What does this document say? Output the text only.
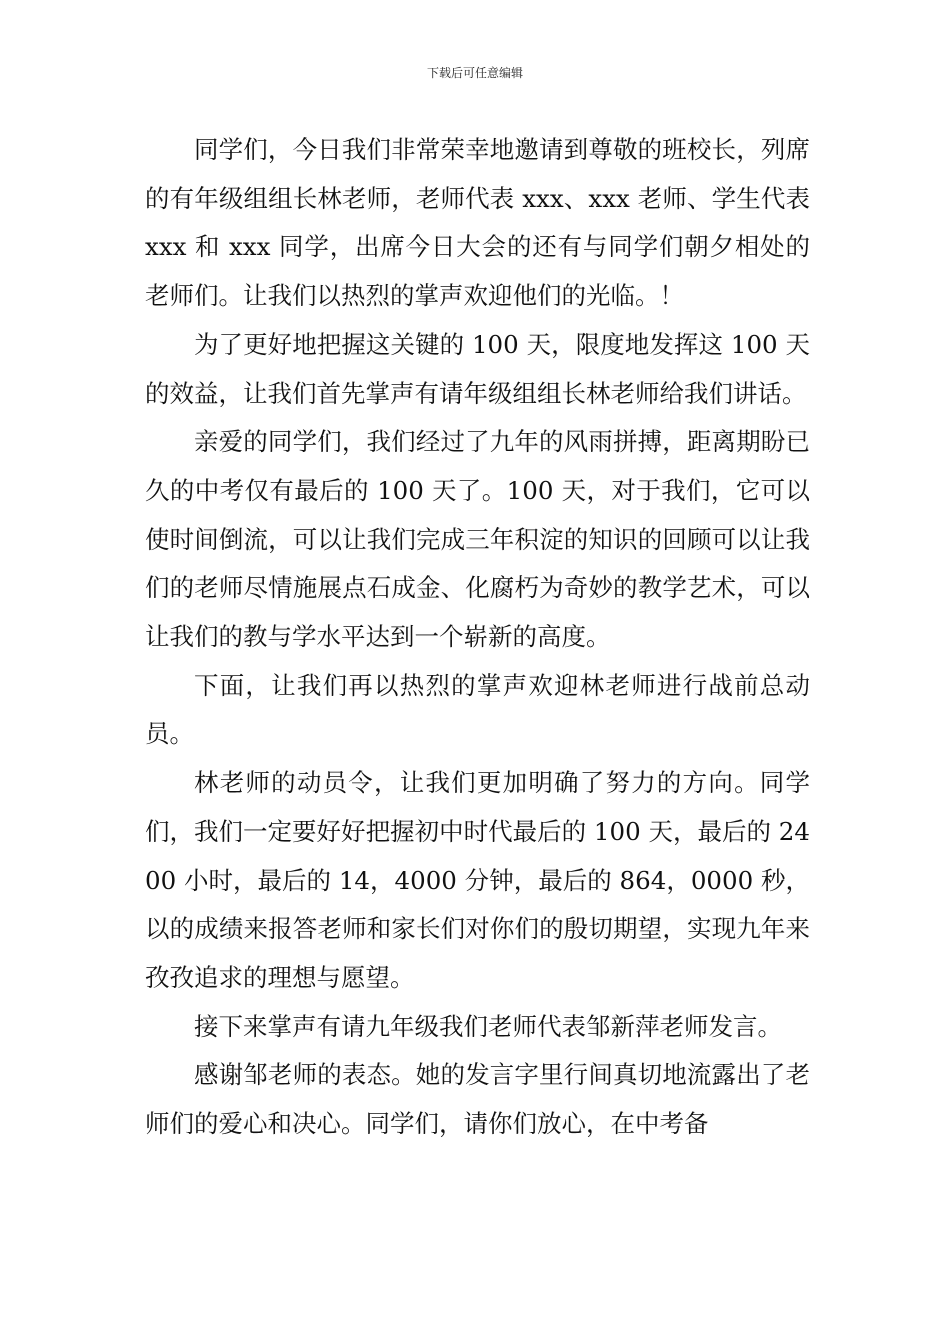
下载后可任意编辑

同学们，今日我们非常荣幸地邀请到尊敬的班校长，列席的有年级组组长林老师，老师代表 xxx、xxx 老师、学生代表 xxx 和 xxx 同学，出席今日大会的还有与同学们朝夕相处的老师们。让我们以热烈的掌声欢迎他们的光临。！

为了更好地把握这关键的 100 天，限度地发挥这 100 天的效益，让我们首先掌声有请年级组组长林老师给我们讲话。

亲爱的同学们，我们经过了九年的风雨拼搏，距离期盼已久的中考仅有最后的 100 天了。100 天，对于我们，它可以使时间倒流，可以让我们完成三年积淀的知识的回顾可以让我们的老师尽情施展点石成金、化腐朽为奇妙的教学艺术，可以让我们的教与学水平达到一个崭新的高度。

下面，让我们再以热烈的掌声欢迎林老师进行战前总动员。

林老师的动员令，让我们更加明确了努力的方向。同学们，我们一定要好好把握初中时代最后的 100 天，最后的 2400 小时，最后的 14，4000 分钟，最后的 864，0000 秒，以的成绩来报答老师和家长们对你们的殷切期望，实现九年来孜孜追求的理想与愿望。

接下来掌声有请九年级我们老师代表邹新萍老师发言。

感谢邹老师的表态。她的发言字里行间真切地流露出了老师们的爱心和决心。同学们，请你们放心，在中考备
